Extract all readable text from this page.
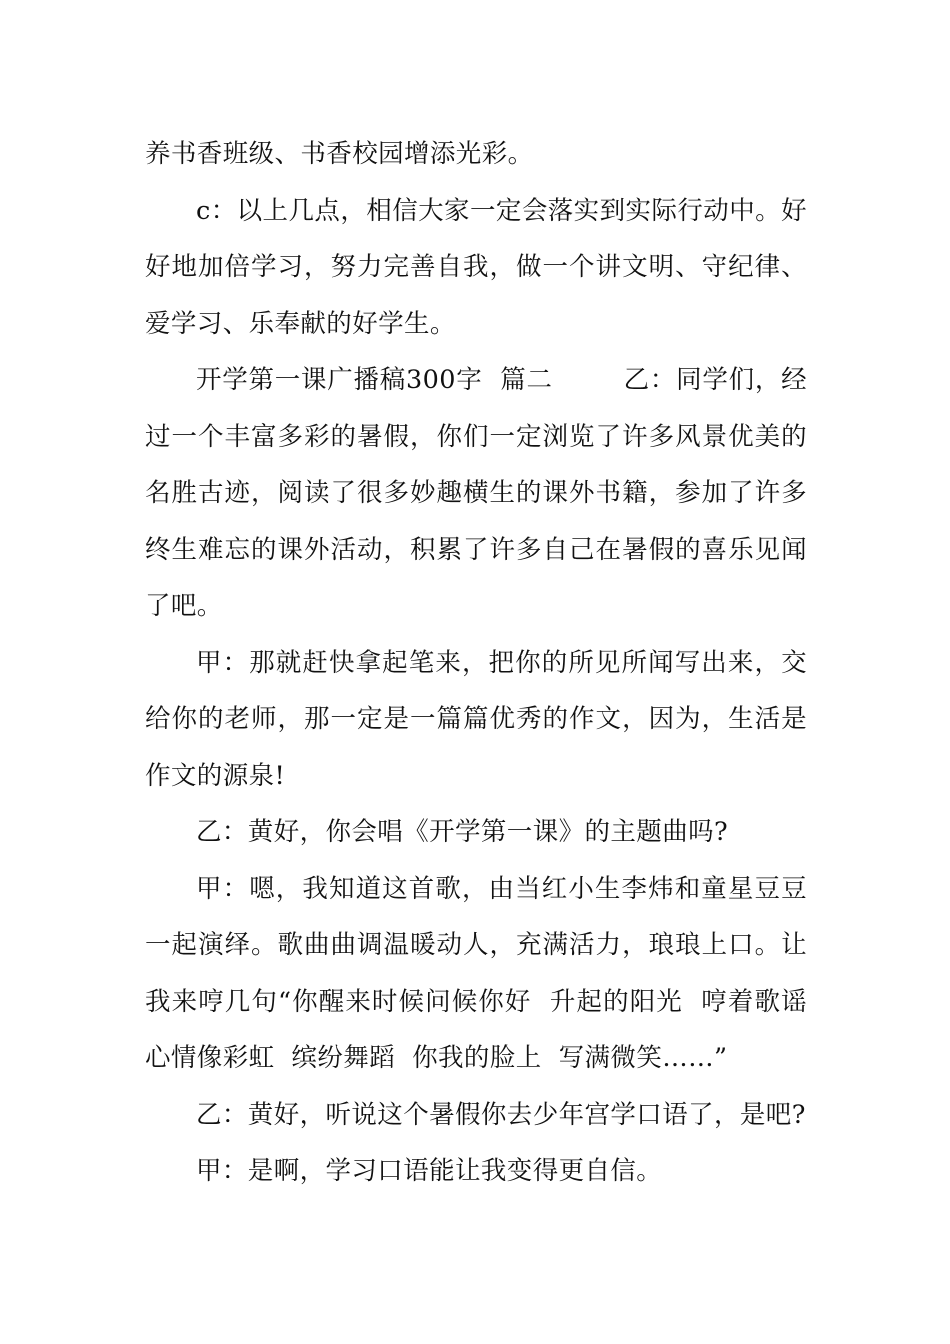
养书香班级、书香校园增添光彩。

c：以上几点，相信大家一定会落实到实际行动中。好好地加倍学习，努力完善自我，做一个讲文明、守纪律、爱学习、乐奉献的好学生。

开学第一课广播稿300字  篇二        乙：同学们，经过一个丰富多彩的暑假，你们一定浏览了许多风景优美的名胜古迹，阅读了很多妙趣横生的课外书籍，参加了许多终生难忘的课外活动，积累了许多自己在暑假的喜乐见闻了吧。

甲：那就赶快拿起笔来，把你的所见所闻写出来，交给你的老师，那一定是一篇篇优秀的作文，因为，生活是作文的源泉!

乙：黄好，你会唱《开学第一课》的主题曲吗?

甲：嗯，我知道这首歌，由当红小生李炜和童星豆豆一起演绎。歌曲曲调温暖动人，充满活力，琅琅上口。让我来哼几句“你醒来时候问候你好  升起的阳光  哼着歌谣  心情像彩虹  缤纷舞蹈  你我的脸上  写满微笑……”

乙：黄好，听说这个暑假你去少年宫学口语了，是吧?

甲：是啊，学习口语能让我变得更自信。
